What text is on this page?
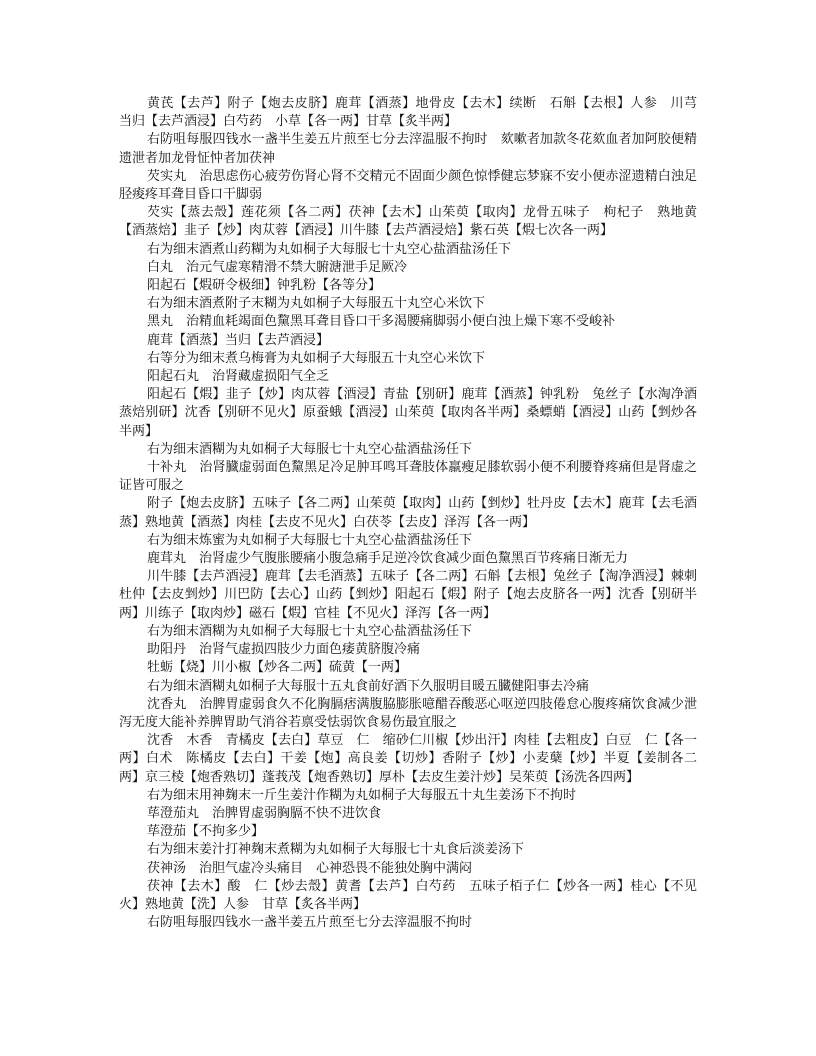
黄芪【去芦】附子【炮去皮脐】鹿茸【酒蒸】地骨皮【去木】续断　石斛【去根】人参　川芎　当归【去芦酒浸】白芍药　小草【各一两】甘草【炙半两】

右防咀每服四钱水一盏半生姜五片煎至七分去滓温服不拘时　欬嗽者加款冬花欬血者加阿胶便精遗泄者加龙骨怔忡者加茯神

芡实丸　治思虑伤心疲劳伤肾心肾不交精元不固面少颜色惊悸健忘梦寐不安小便赤涩遗精白浊足胫痠疼耳聋目昏口干脚弱

芡实【蒸去殼】莲花须【各二两】茯神【去木】山茱萸【取肉】龙骨五味子　枸杞子　熟地黄【酒蒸焙】韭子【炒】肉苁蓉【酒浸】川牛膝【去芦酒浸焙】紫石英【煆七次各一两】

右为细末酒煮山药糊为丸如桐子大每服七十丸空心盐酒盐汤任下

白丸　治元气虚寒精滑不禁大腑溏泄手足厥冷

阳起石【煆研令极细】钟乳粉【各等分】

右为细末酒煮附子末糊为丸如桐子大每服五十丸空心米饮下

黑丸　治精血耗竭面色黧黑耳聋目昏口干多渴腰痛脚弱小便白浊上燥下寒不受峻补

鹿茸【酒蒸】当归【去芦酒浸】

右等分为细末煮乌梅膏为丸如桐子大每服五十丸空心米饮下

阳起石丸　治肾藏虚损阳气全乏

阳起石【煆】韭子【炒】肉苁蓉【酒浸】青盐【别研】鹿茸【酒蒸】钟乳粉　兔丝子【水淘净酒蒸焙别研】沈香【别研不见火】原蚕蛾【酒浸】山茱萸【取肉各半两】桑螵蛸【酒浸】山药【剉炒各半两】

右为细末酒糊为丸如桐子大每服七十丸空心盐酒盐汤任下

十补丸　治肾臓虚弱面色黧黑足冷足肿耳鸣耳聋肢体羸瘦足膝软弱小便不利腰脊疼痛但是肾虚之证皆可服之

附子【炮去皮脐】五味子【各二两】山茱萸【取肉】山药【剉炒】牡丹皮【去木】鹿茸【去毛酒蒸】熟地黄【酒蒸】肉桂【去皮不见火】白茯苓【去皮】泽泻【各一两】

右为细末炼蜜为丸如桐子大每服七十丸空心盐酒盐汤任下

鹿茸丸　治肾虚少气腹胀腰痛小腹急痛手足逆冷饮食减少面色黧黑百节疼痛日渐无力

川牛膝【去芦酒浸】鹿茸【去毛酒蒸】五味子【各二两】石斛【去根】兔丝子【淘净酒浸】棘刺　杜仲【去皮剉炒】川巴防【去心】山药【剉炒】阳起石【煆】附子【炮去皮脐各一两】沈香【别研半两】川练子【取肉炒】磁石【煆】官桂【不见火】泽泻【各一两】

右为细末酒糊为丸如桐子大每服七十丸空心盐酒盐汤任下

助阳丹　治肾气虚损四肢少力面色痿黄脐腹冷痛

牡蛎【烧】川小椒【炒各二两】硫黄【一两】

右为细末酒糊丸如桐子大每服十五丸食前好酒下久服明目暖五臓健阳事去冷痛

沈香丸　治脾胃虚弱食久不化胸膈痞满腹脇膨胀噫醋吞酸恶心呕逆四肢倦怠心腹疼痛饮食减少泄泻无度大能补养脾胃助气消谷若禀受怯弱饮食易伤最宜服之

沈香　木香　青橘皮【去白】草豆　仁　缩砂仁川椒【炒出汗】肉桂【去粗皮】白豆　仁【各一两】白术　陈橘皮【去白】干姜【炮】高良姜【切炒】香附子【炒】小麦蘖【炒】半夏【姜制各二两】京三棱【炮香熟切】蓬莪茂【炮香熟切】厚朴【去皮生姜汁炒】吴茱萸【汤洗各四两】

右为细末用神麹末一斤生姜汁作糊为丸如桐子大每服五十丸生姜汤下不拘时

荜澄茄丸　治脾胃虚弱胸膈不快不进饮食

荜澄茄【不拘多少】

右为细末姜汁打神麹末煮糊为丸如桐子大每服七十丸食后淡姜汤下

茯神汤　治胆气虚冷头痛目　心神恐畏不能独处胸中满闷

茯神【去木】酸　仁【炒去殼】黄耆【去芦】白芍药　五味子栢子仁【炒各一两】桂心【不见火】熟地黄【洗】人参　甘草【炙各半两】

右防咀每服四钱水一盏半姜五片煎至七分去滓温服不拘时
